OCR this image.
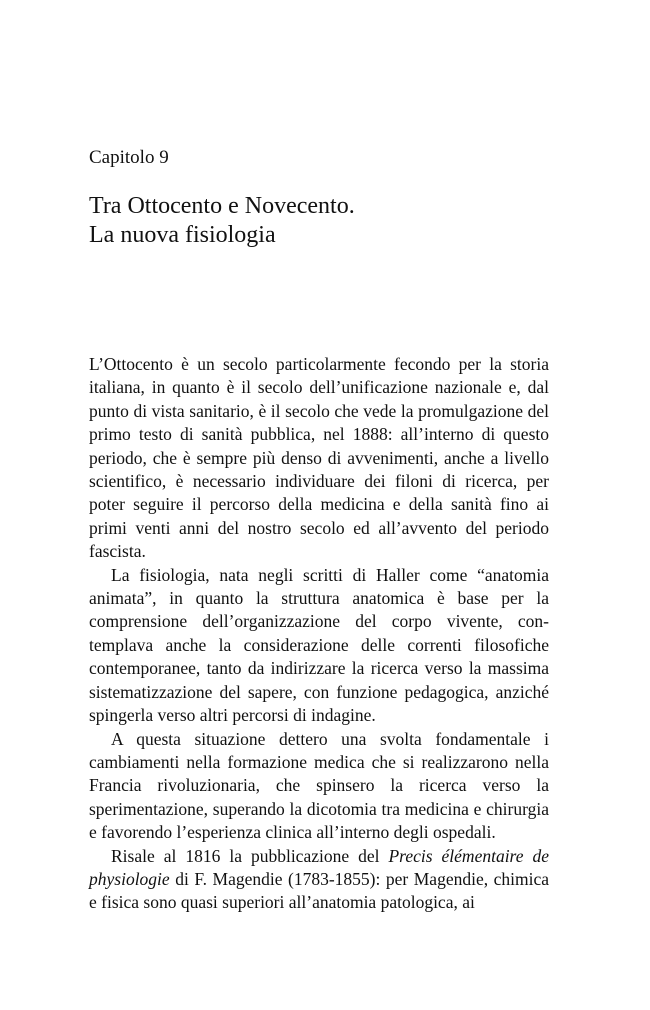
Capitolo 9
Tra Ottocento e Novecento.
La nuova fisiologia

L’Ottocento è un secolo particolarmente fecondo per la storia italiana, in quanto è il secolo dell’unificazione nazionale e, dal punto di vista sanitario, è il secolo che vede la promulgazione del primo testo di sanità pubblica, nel 1888: all’interno di questo periodo, che è sempre più denso di avvenimenti, anche a livello scientifico, è necessario individuare dei filoni di ricerca, per poter seguire il percorso della medicina e della sanità fino ai primi venti anni del nostro secolo ed all’avvento del periodo fascista.

La fisiologia, nata negli scritti di Haller come “anatomia animata”, in quanto la struttura anatomica è base per la comprensione dell’organizzazione del corpo vivente, contemplava anche la considerazione delle correnti filosofiche contemporanee, tanto da indirizzare la ricerca verso la massima sistematizzazione del sapere, con funzione pedagogica, anziché spingerla verso altri percorsi di indagine.

A questa situazione dettero una svolta fondamentale i cambiamenti nella formazione medica che si realizzarono nella Francia rivoluzionaria, che spinsero la ricerca verso la sperimentazione, superando la dicotomia tra medicina e chirurgia e favorendo l’esperienza clinica all’interno degli ospedali.

Risale al 1816 la pubblicazione del Precis élémentaire de physiologie di F. Magendie (1783-1855): per Magendie, chimica e fisica sono quasi superiori all’anatomia patologica, ai
